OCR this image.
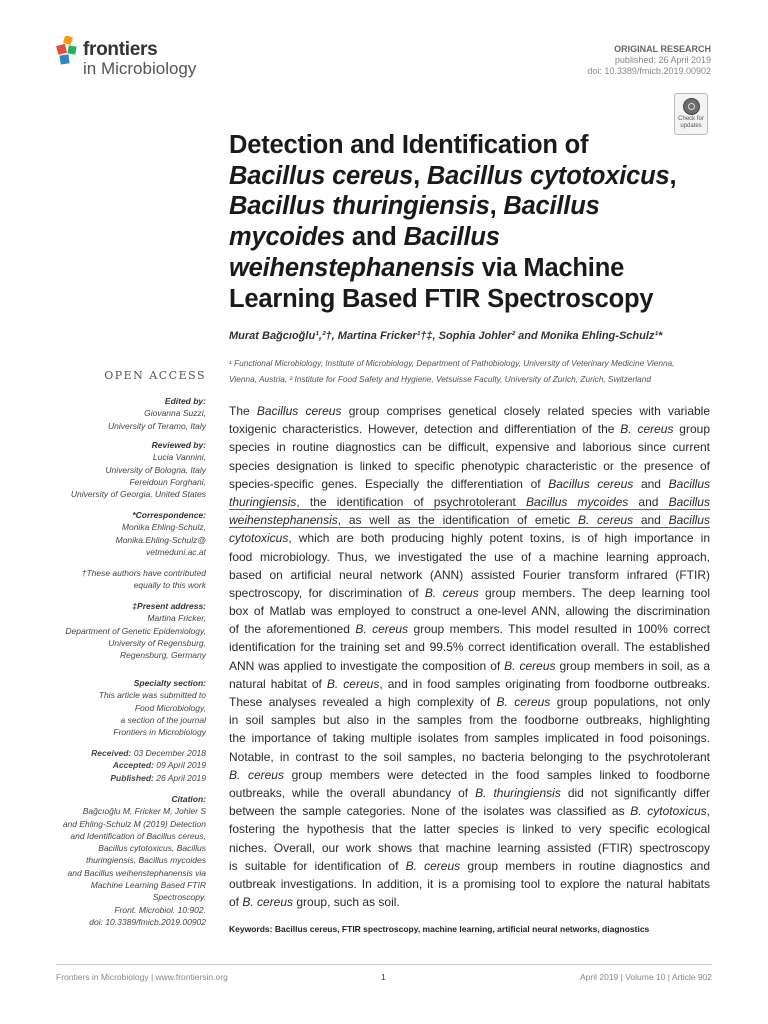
frontiers
in Microbiology
ORIGINAL RESEARCH
published: 26 April 2019
doi: 10.3389/fmicb.2019.00902
Check for updates
Detection and Identification of
Bacillus cereus, Bacillus cytotoxicus,
Bacillus thuringiensis, Bacillus
mycoides and Bacillus
weihenstephanensis via Machine
Learning Based FTIR Spectroscopy
Murat Bağcıoğlu¹,²†, Martina Fricker¹†‡, Sophia Johler² and Monika Ehling-Schulz¹*
¹ Functional Microbiology, Institute of Microbiology, Department of Pathobiology, University of Veterinary Medicine Vienna,
Vienna, Austria, ² Institute for Food Safety and Hygiene, Vetsuisse Faculty, University of Zurich, Zurich, Switzerland
OPEN ACCESS
Edited by:
Giovanna Suzzi,
University of Teramo, Italy
Reviewed by:
Lucia Vannini,
University of Bologna, Italy
Fereidoun Forghani,
University of Georgia, United States
*Correspondence:
Monika Ehling-Schulz,
Monika.Ehling-Schulz@
vetmeduni.ac.at
†These authors have contributed
equally to this work
‡Present address:
Martina Fricker,
Department of Genetic Epidemiology,
University of Regensburg,
Regensburg, Germany
Specialty section:
This article was submitted to
Food Microbiology,
a section of the journal
Frontiers in Microbiology
Received: 03 December 2018
Accepted: 09 April 2019
Published: 26 April 2019
Citation:
Bağcıoğlu M, Fricker M, Johler S
and Ehling-Schulz M (2019) Detection
and Identification of Bacillus cereus,
Bacillus cytotoxicus, Bacillus
thuringiensis, Bacillus mycoides
and Bacillus weihenstephanensis via
Machine Learning Based FTIR
Spectroscopy.
Front. Microbiol. 10:902.
doi: 10.3389/fmicb.2019.00902
The Bacillus cereus group comprises genetical closely related species with variable
toxigenic characteristics. However, detection and differentiation of the B. cereus group
species in routine diagnostics can be difficult, expensive and laborious since current
species designation is linked to specific phenotypic characteristic or the presence of
species-specific genes. Especially the differentiation of Bacillus cereus and Bacillus
thuringiensis, the identification of psychrotolerant Bacillus mycoides and Bacillus
weihenstephanensis, as well as the identification of emetic B. cereus and Bacillus
cytotoxicus, which are both producing highly potent toxins, is of high importance in
food microbiology. Thus, we investigated the use of a machine learning approach,
based on artificial neural network (ANN) assisted Fourier transform infrared (FTIR)
spectroscopy, for discrimination of B. cereus group members. The deep learning tool
box of Matlab was employed to construct a one-level ANN, allowing the discrimination
of the aforementioned B. cereus group members. This model resulted in 100% correct
identification for the training set and 99.5% correct identification overall. The established
ANN was applied to investigate the composition of B. cereus group members in soil, as a
natural habitat of B. cereus, and in food samples originating from foodborne outbreaks.
These analyses revealed a high complexity of B. cereus group populations, not only
in soil samples but also in the samples from the foodborne outbreaks, highlighting
the importance of taking multiple isolates from samples implicated in food poisonings.
Notable, in contrast to the soil samples, no bacteria belonging to the psychrotolerant
B. cereus group members were detected in the food samples linked to foodborne
outbreaks, while the overall abundancy of B. thuringiensis did not significantly differ
between the sample categories. None of the isolates was classified as B. cytotoxicus,
fostering the hypothesis that the latter species is linked to very specific ecological
niches. Overall, our work shows that machine learning assisted (FTIR) spectroscopy
is suitable for identification of B. cereus group members in routine diagnostics and
outbreak investigations. In addition, it is a promising tool to explore the natural habitats
of B. cereus group, such as soil.
Keywords: Bacillus cereus, FTIR spectroscopy, machine learning, artificial neural networks, diagnostics
Frontiers in Microbiology | www.frontiersin.org	1	April 2019 | Volume 10 | Article 902
